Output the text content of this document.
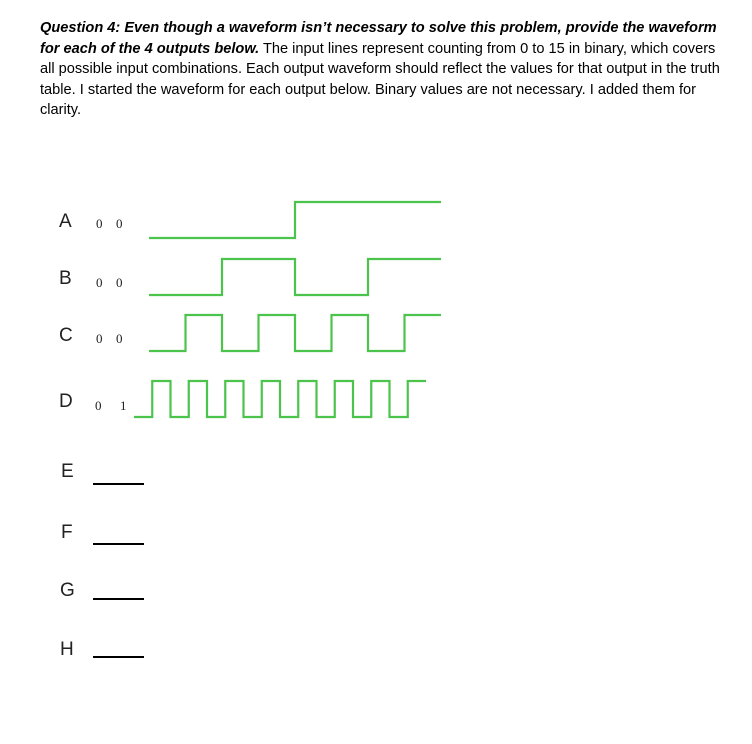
Question 4: Even though a waveform isn’t necessary to solve this problem, provide the waveform for each of the 4 outputs below. The input lines represent counting from 0 to 15 in binary, which covers all possible input combinations. Each output waveform should reflect the values for that output in the truth table. I started the waveform for each output below. Binary values are not necessary. I added them for clarity.
A 0 0
B 0 0
C 0 0
D 0 1
E
F
G
H
